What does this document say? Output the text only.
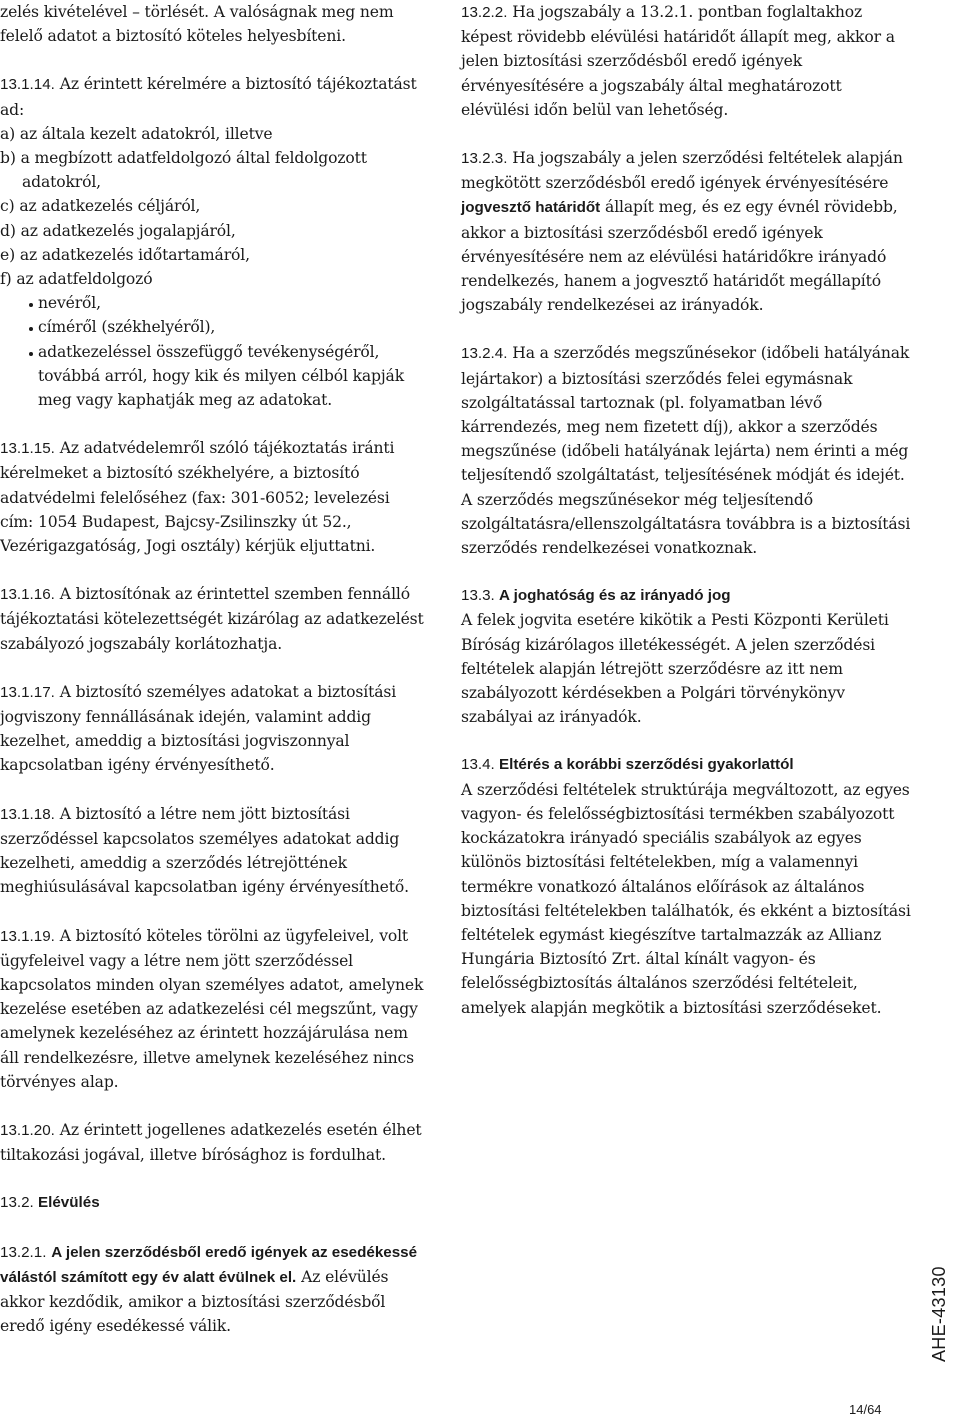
zelés kivételével – törlését. A valóságnak meg nem felelő adatot a biztosító köteles helyesbíteni.

13.1.14. Az érintett kérelmére a biztosító tájékoztatást ad:

a) az általa kezelt adatokról, illetve

b) a megbízott adatfeldolgozó által feldolgozott adatokról,

c) az adatkezelés céljáról,

d) az adatkezelés jogalapjáról,

e) az adatkezelés időtartamáról,

f) az adatfeldolgozó

nevéről,

címéről (székhelyéről),

adatkezeléssel összefüggő tevékenységéről, továbbá arról, hogy kik és milyen célból kapják meg vagy kaphatják meg az adatokat.

13.1.15. Az adatvédelemről szóló tájékoztatás iránti kérelmeket a biztosító székhelyére, a biztosító adatvédelmi felelőséhez (fax: 301-6052; levelezési cím: 1054 Budapest, Bajcsy-Zsilinszky út 52., Vezérigazgatóság, Jogi osztály) kérjük eljuttatni.

13.1.16. A biztosítónak az érintettel szemben fennálló tájékoztatási kötelezettségét kizárólag az adatkezelést szabályozó jogszabály korlátozhatja.

13.1.17. A biztosító személyes adatokat a biztosítási jogviszony fennállásának idején, valamint addig kezelhet, ameddig a biztosítási jogviszonnyal kapcsolatban igény érvényesíthető.

13.1.18. A biztosító a létre nem jött biztosítási szerződéssel kapcsolatos személyes adatokat addig kezelheti, ameddig a szerződés létrejöttének meghiúsulásával kapcsolatban igény érvényesíthető.

13.1.19. A biztosító köteles törölni az ügyfeleivel, volt ügyfeleivel vagy a létre nem jött szerződéssel kapcsolatos minden olyan személyes adatot, amelynek kezelése esetében az adatkezelési cél megszűnt, vagy amelynek kezeléséhez az érintett hozzájárulása nem áll rendelkezésre, illetve amelynek kezeléséhez nincs törvényes alap.

13.1.20. Az érintett jogellenes adatkezelés esetén élhet tiltakozási jogával, illetve bírósághoz is fordulhat.

13.2. Elévülés

13.2.1. A jelen szerződésből eredő igények az esedékessé válástól számított egy év alatt évülnek el. Az elévülés akkor kezdődik, amikor a biztosítási szerződésből eredő igény esedékessé válik.

13.2.2. Ha jogszabály a 13.2.1. pontban foglaltakhoz képest rövidebb elévülési határidőt állapít meg, akkor a jelen biztosítási szerződésből eredő igények érvényesítésére a jogszabály által meghatározott elévülési időn belül van lehetőség.

13.2.3. Ha jogszabály a jelen szerződési feltételek alapján megkötött szerződésből eredő igények érvényesítésére jogvesztő határidőt állapít meg, és ez egy évnél rövidebb, akkor a biztosítási szerződésből eredő igények érvényesítésére nem az elévülési határidőkre irányadó rendelkezés, hanem a jogvesztő határidőt megállapító jogszabály rendelkezései az irányadók.

13.2.4. Ha a szerződés megszűnésekor (időbeli hatályának lejártakor) a biztosítási szerződés felei egymásnak szolgáltatással tartoznak (pl. folyamatban lévő kárrendezés, meg nem fizetett díj), akkor a szerződés megszűnése (időbeli hatályának lejárta) nem érinti a még teljesítendő szolgáltatást, teljesítésének módját és idejét. A szerződés megszűnésekor még teljesítendő szolgáltatásra/ellenszolgáltatásra továbbra is a biztosítási szerződés rendelkezései vonatkoznak.

13.3. A joghatóság és az irányadó jog

A felek jogvita esetére kikötik a Pesti Központi Kerületi Bíróság kizárólagos illetékességét. A jelen szerződési feltételek alapján létrejött szerződésre az itt nem szabályozott kérdésekben a Polgári törvénykönyv szabályai az irányadók.

13.4. Eltérés a korábbi szerződési gyakorlattól

A szerződési feltételek struktúrája megváltozott, az egyes vagyon- és felelősségbiztosítási termékben szabályozott kockázatokra irányadó speciális szabályok az egyes különös biztosítási feltételekben, míg a valamennyi termékre vonatkozó általános előírások az általános biztosítási feltételekben találhatók, és ekként a biztosítási feltételek egymást kiegészítve tartalmazzák az Allianz Hungária Biztosító Zrt. által kínált vagyon- és felelősségbiztosítás általános szerződési feltételeit, amelyek alapján megkötik a biztosítási szerződéseket.

AHE-43130
14/64
